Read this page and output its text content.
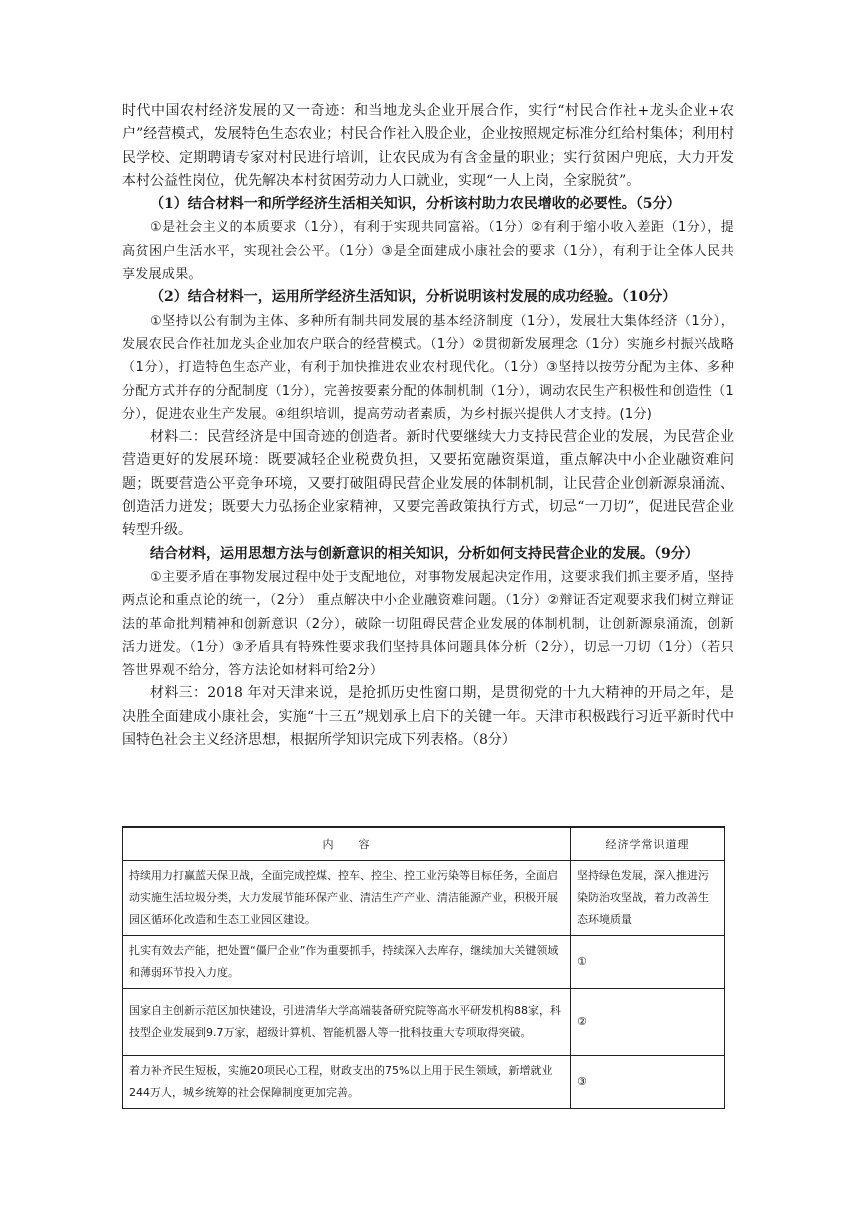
时代中国农村经济发展的又一奇迹：和当地龙头企业开展合作，实行“村民合作社+龙头企业+农户”经营模式，发展特色生态农业；村民合作社入股企业，企业按照规定标准分红给村集体；利用村民学校、定期聘请专家对村民进行培训，让农民成为有含金量的职业；实行贫困户兜底，大力开发本村公益性岗位，优先解决本村贫困劳动力人口就业，实现“一人上岗，全家脱贫”。

（1）结合材料一和所学经济生活相关知识，分析该村助力农民增收的必要性。（5分）

①是社会主义的本质要求（1分），有利于实现共同富裕。（1分）②有利于缩小收入差距（1分），提高贫困户生活水平，实现社会公平。（1分）③是全面建成小康社会的要求（1分），有利于让全体人民共享发展成果。

（2）结合材料一，运用所学经济生活知识，分析说明该村发展的成功经验。（10分）

①坚持以公有制为主体、多种所有制共同发展的基本经济制度（1分），发展壮大集体经济（1分），发展农民合作社加龙头企业加农户联合的经营模式。（1分）②贯彻新发展理念（1分）实施乡村振兴战略（1分），打造特色生态产业，有利于加快推进农业农村现代化。（1分）③坚持以按劳分配为主体、多种分配方式并存的分配制度（1分），完善按要素分配的体制机制（1分），调动农民生产积极性和创造性（1分），促进农业生产发展。④组织培训，提高劳动者素质，为乡村振兴提供人才支持。(1分)

材料二：民营经济是中国奇迹的创造者。新时代要继续大力支持民营企业的发展，为民营企业营造更好的发展环境：既要减轻企业税费负担，又要拓宽融资渠道，重点解决中小企业融资难问题；既要营造公平竞争环境，又要打破阻碍民营企业发展的体制机制，让民营企业创新源泉涌流、创造活力迸发；既要大力弘扬企业家精神，又要完善政策执行方式，切忌“一刀切”，促进民营企业转型升级。

结合材料，运用思想方法与创新意识的相关知识，分析如何支持民营企业的发展。（9分）

①主要矛盾在事物发展过程中处于支配地位，对事物发展起决定作用，这要求我们抓主要矛盾，坚持两点论和重点论的统一，（2分） 重点解决中小企业融资难问题。（1分）②辩证否定观要求我们树立辩证法的革命批判精神和创新意识（2分），破除一切阻碍民营企业发展的体制机制，让创新源泉涌流，创新活力迸发。（1分）③矛盾具有特殊性要求我们坚持具体问题具体分析（2分），切忌一刀切（1分）（若只答世界观不给分，答方法论如材料可给2分）

材料三：2018 年对天津来说，是抢抓历史性窗口期，是贯彻党的十九大精神的开局之年，是决胜全面建成小康社会，实施“十三五”规划承上启下的关键一年。天津市积极践行习近平新时代中国特色社会主义经济思想，根据所学知识完成下列表格。（8分）

内　　容	经济学常识道理
持续用力打赢蓝天保卫战，全面完成控煤、控车、控尘、控工业污染等目标任务，全面启动实施生活垃圾分类，大力发展节能环保产业、清洁生产产业、清洁能源产业，积极开展园区循环化改造和生态工业园区建设。	坚持绿色发展，深入推进污染防治攻坚战，着力改善生态环境质量
扎实有效去产能，把处置“僵尸企业”作为重要抓手，持续深入去库存，继续加大关键领域和薄弱环节投入力度。	①
国家自主创新示范区加快建设，引进清华大学高端装备研究院等高水平研发机构88家，科技型企业发展到9.7万家，超级计算机、智能机器人等一批科技重大专项取得突破。	②
着力补齐民生短板，实施20项民心工程，财政支出的75%以上用于民生领域，新增就业244万人，城乡统筹的社会保障制度更加完善。	③
